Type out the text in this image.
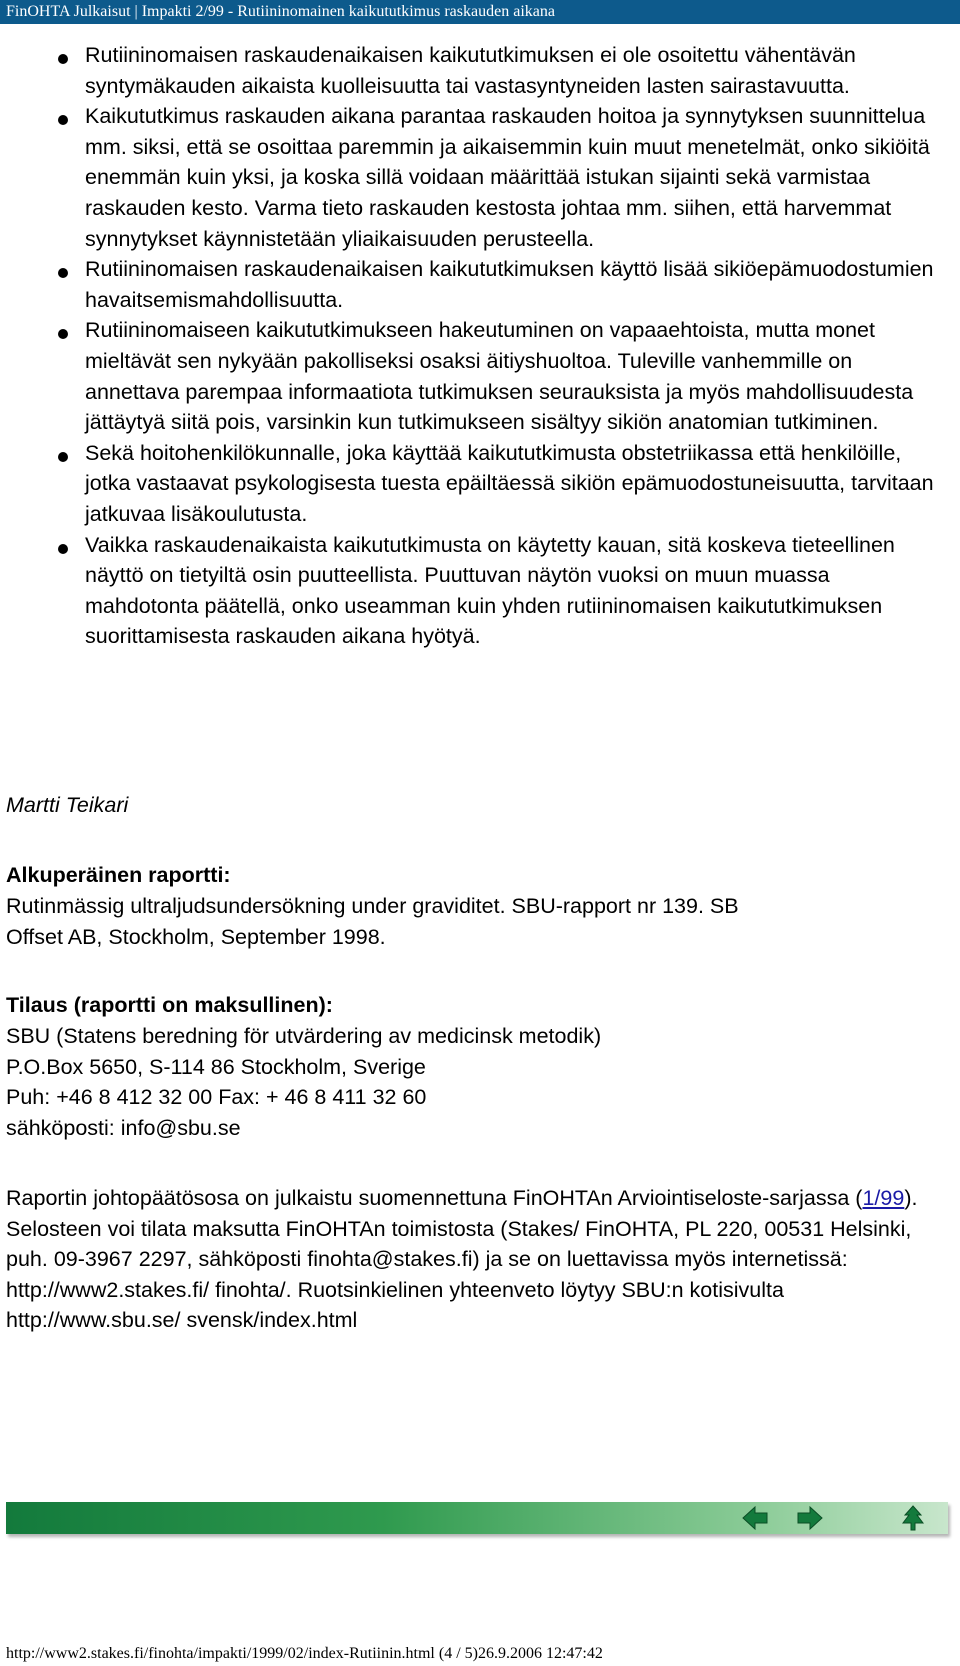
FinOHTA Julkaisut | Impakti 2/99 - Rutiininomainen kaikututkimus raskauden aikana
Rutiininomaisen raskaudenaikaisen kaikututkimuksen ei ole osoitettu vähentävän syntymäkauden aikaista kuolleisuutta tai vastasyntyneiden lasten sairastavuutta.
Kaikututkimus raskauden aikana parantaa raskauden hoitoa ja synnytyksen suunnittelua mm. siksi, että se osoittaa paremmin ja aikaisemmin kuin muut menetelmät, onko sikiöitä enemmän kuin yksi, ja koska sillä voidaan määrittää istukan sijainti sekä varmistaa raskauden kesto. Varma tieto raskauden kestosta johtaa mm. siihen, että harvemmat synnytykset käynnistetään yliaikaisuuden perusteella.
Rutiininomaisen raskaudenaikaisen kaikututkimuksen käyttö lisää sikiöepämuodostumien havaitsemismahdollisuutta.
Rutiininomaiseen kaikututkimukseen hakeutuminen on vapaaehtoista, mutta monet mieltävät sen nykyään pakolliseksi osaksi äitiyshuoltoa. Tuleville vanhemmille on annettava parempaa informaatiota tutkimuksen seurauksista ja myös mahdollisuudesta jättäytyä siitä pois, varsinkin kun tutkimukseen sisältyy sikiön anatomian tutkiminen.
Sekä hoitohenkilökunnalle, joka käyttää kaikututkimusta obstetriikassa että henkilöille, jotka vastaavat psykologisesta tuesta epäiltäessä sikiön epämuodostuneisuutta, tarvitaan jatkuvaa lisäkoulutusta.
Vaikka raskaudenaikaista kaikututkimusta on käytetty kauan, sitä koskeva tieteellinen näyttö on tietyiltä osin puutteellista. Puuttuvan näytön vuoksi on muun muassa mahdotonta päätellä, onko useamman kuin yhden rutiininomaisen kaikututkimuksen suorittamisesta raskauden aikana hyötyä.
Martti Teikari
Alkuperäinen raportti:
Rutinmässig ultraljudsundersökning under graviditet. SBU-rapport nr 139. SB
Offset AB, Stockholm, September 1998.
Tilaus (raportti on maksullinen):
SBU (Statens beredning för utvärdering av medicinsk metodik)
P.O.Box 5650, S-114 86 Stockholm, Sverige
Puh: +46 8 412 32 00 Fax: + 46 8 411 32 60
sähköposti: info@sbu.se
Raportin johtopäätösosa on julkaistu suomennettuna FinOHTAn Arviointiseloste-sarjassa (1/99). Selosteen voi tilata maksutta FinOHTAn toimistosta (Stakes/ FinOHTA, PL 220, 00531 Helsinki, puh. 09-3967 2297, sähköposti finohta@stakes.fi) ja se on luettavissa myös internetissä: http://www2.stakes.fi/ finohta/. Ruotsinkielinen yhteenveto löytyy SBU:n kotisivulta http://www.sbu.se/ svensk/index.html
http://www2.stakes.fi/finohta/impakti/1999/02/index-Rutiinin.html (4 / 5)26.9.2006 12:47:42
